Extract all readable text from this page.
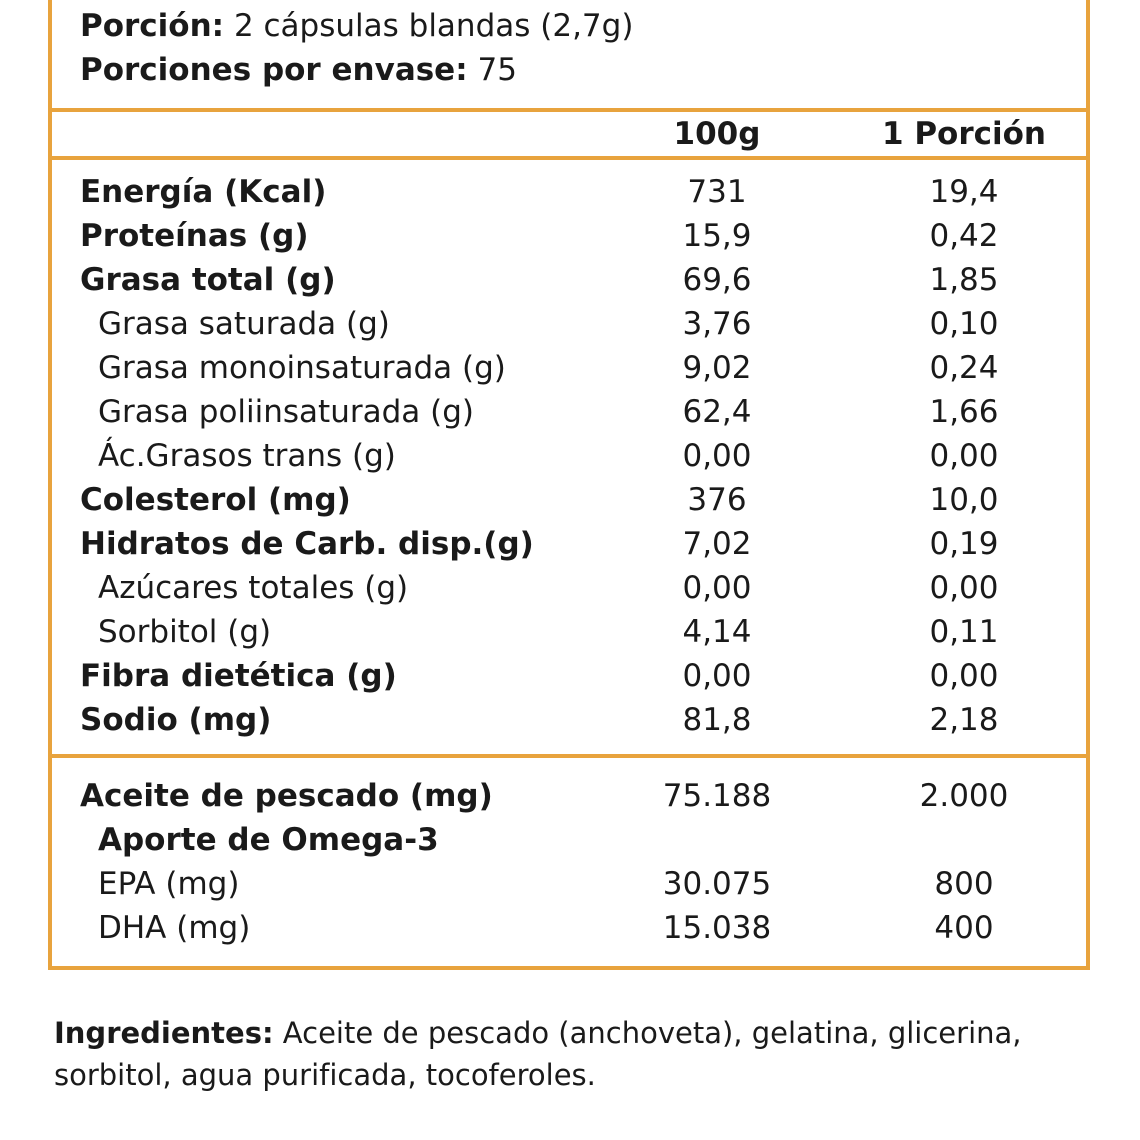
Porción: 2 cápsulas blandas (2,7g)
Porciones por envase: 75
	100g	1 Porción
Energía (Kcal)	731	19,4
Proteínas (g)	15,9	0,42
Grasa total (g)	69,6	1,85
Grasa saturada (g)	3,76	0,10
Grasa monoinsaturada (g)	9,02	0,24
Grasa poliinsaturada (g)	62,4	1,66
Ác.Grasos trans (g)	0,00	0,00
Colesterol (mg)	376	10,0
Hidratos de Carb. disp.(g)	7,02	0,19
Azúcares totales (g)	0,00	0,00
Sorbitol (g)	4,14	0,11
Fibra dietética (g)	0,00	0,00
Sodio (mg)	81,8	2,18
Aceite de pescado (mg)	75.188	2.000
Aporte de Omega-3		
EPA (mg)	30.075	800
DHA (mg)	15.038	400
Ingredientes: Aceite de pescado (anchoveta), gelatina, glicerina, sorbitol, agua purificada, tocoferoles.
